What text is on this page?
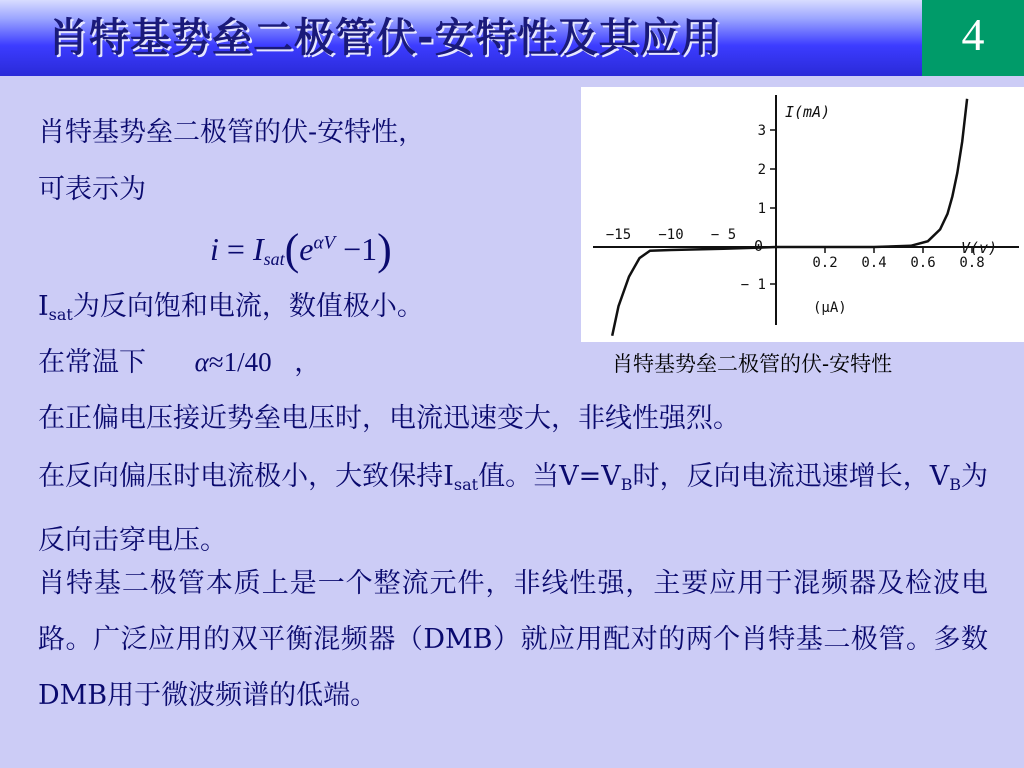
肖特基势垒二极管伏-安特性及其应用	4
肖特基势垒二极管的伏-安特性，
可表示为
$i = I_{sat}(e^{\alpha V} -1)$
$I_{sat}$为反向饱和电流，数值极小。
在常温下 α≈1/40 ，
在正偏电压接近势垒电压时，电流迅速变大，非线性强烈。
在反向偏压时电流极小，大致保持$I_{sat}$值。当$V=V_B$时，反向电流迅速增长，$V_B$为反向击穿电压。
肖特基二极管本质上是一个整流元件，非线性强，主要应用于混频器及检波电路。广泛应用的双平衡混频器（DMB）就应用配对的两个肖特基二极管。多数DMB用于微波频谱的低端。
I(mA)
V(v)
(μA)
0
0.2 0.4 0.6 0.8
−15 −10 − 5
3
2
1
− 1
肖特基势垒二极管的伏-安特性
